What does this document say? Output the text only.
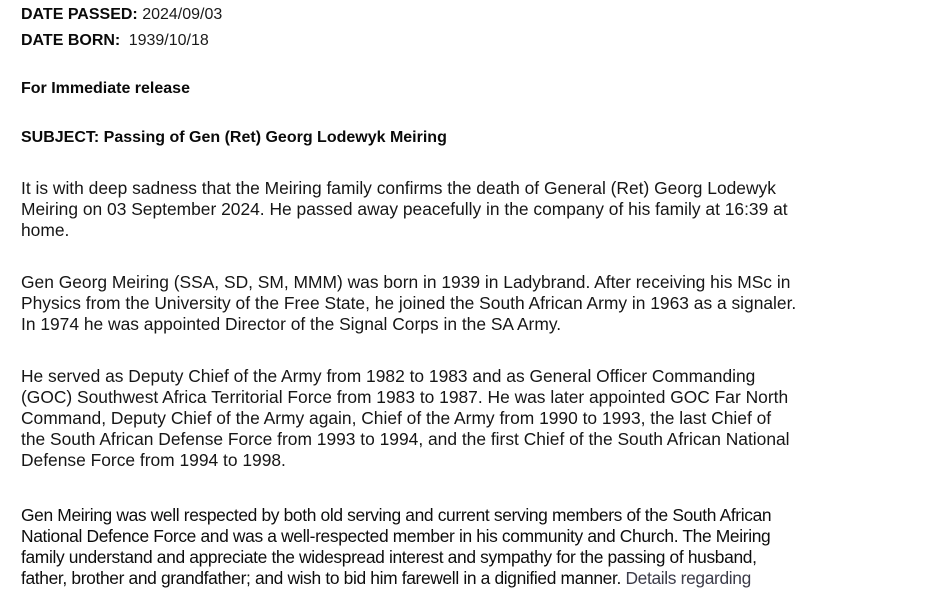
DATE PASSED: 2024/09/03
DATE BORN: 1939/10/18
For Immediate release
SUBJECT: Passing of Gen (Ret) Georg Lodewyk Meiring
It is with deep sadness that the Meiring family confirms the death of General (Ret) Georg Lodewyk
Meiring on 03 September 2024. He passed away peacefully in the company of his family at 16:39 at
home.
Gen Georg Meiring (SSA, SD, SM, MMM) was born in 1939 in Ladybrand. After receiving his MSc in
Physics from the University of the Free State, he joined the South African Army in 1963 as a signaler.
In 1974 he was appointed Director of the Signal Corps in the SA Army.
He served as Deputy Chief of the Army from 1982 to 1983 and as General Officer Commanding
(GOC) Southwest Africa Territorial Force from 1983 to 1987. He was later appointed GOC Far North
Command, Deputy Chief of the Army again, Chief of the Army from 1990 to 1993, the last Chief of
the South African Defense Force from 1993 to 1994, and the first Chief of the South African National
Defense Force from 1994 to 1998.
Gen Meiring was well respected by both old serving and current serving members of the South African
National Defence Force and was a well-respected member in his community and Church. The Meiring
family understand and appreciate the widespread interest and sympathy for the passing of husband,
father, brother and grandfather; and wish to bid him farewell in a dignified manner. Details regarding
